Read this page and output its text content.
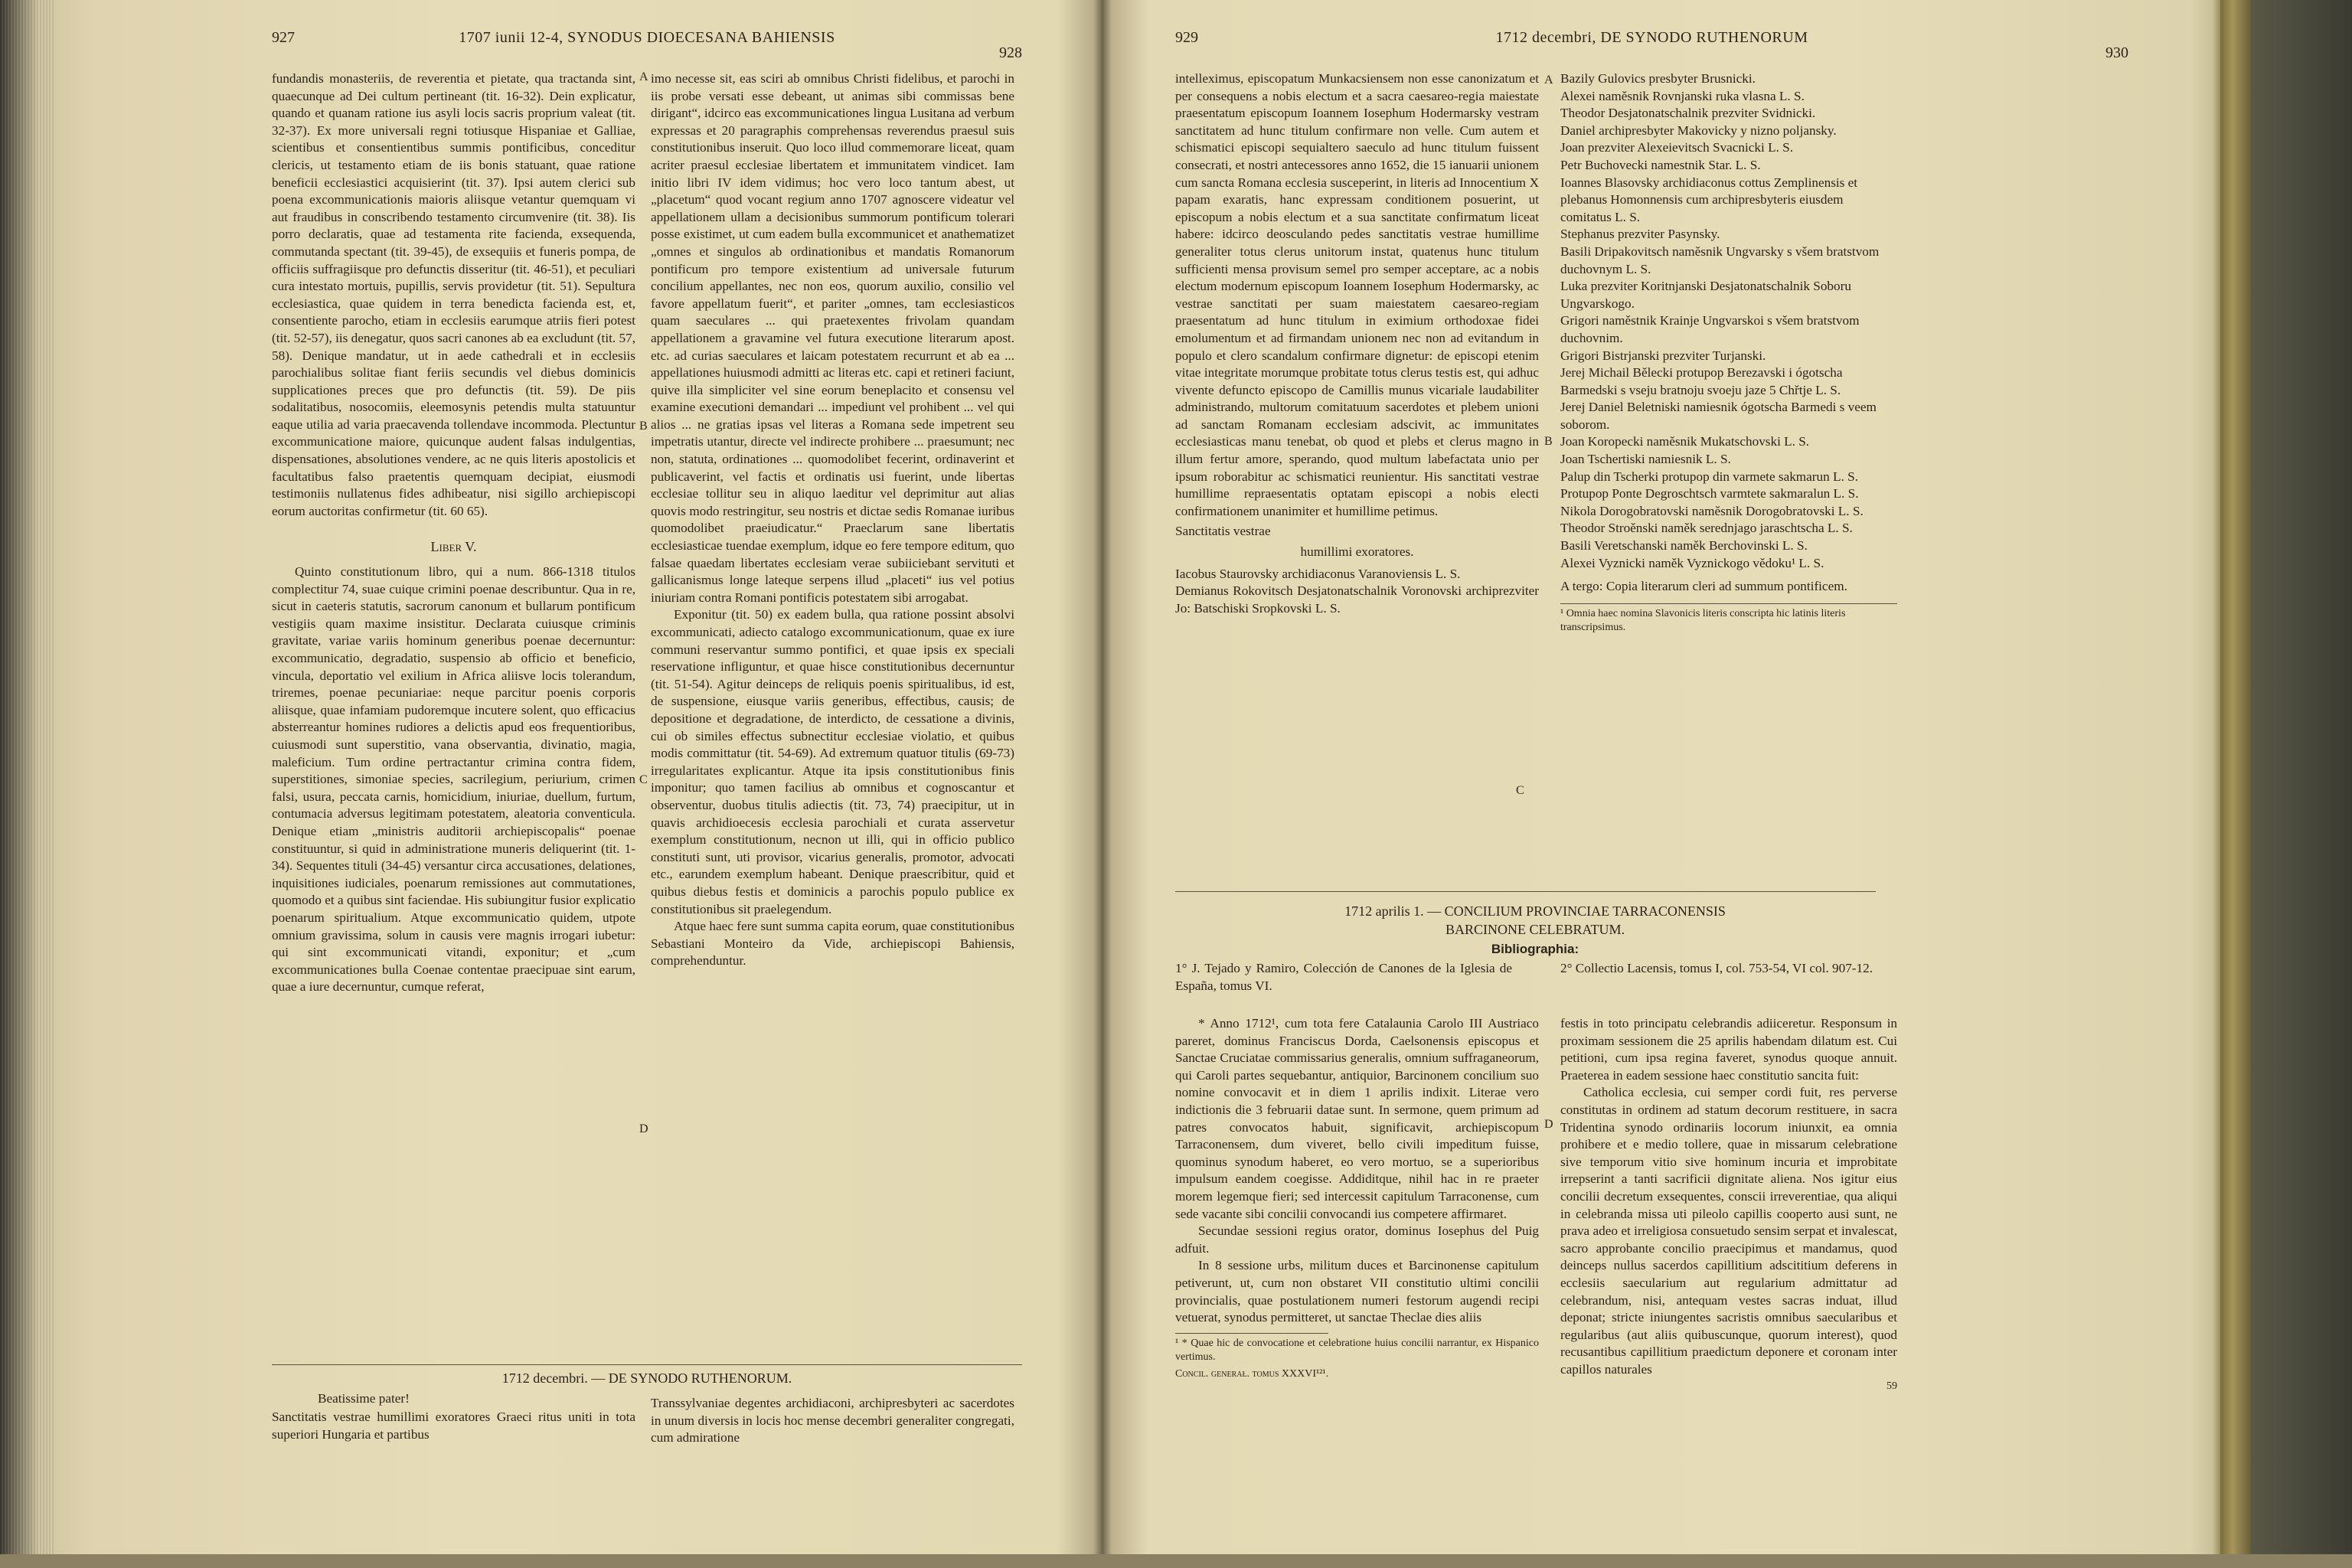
927	1707 iunii 12-4, SYNODUS DIOECESANA BAHIENSIS
928

fundandis monasteriis, de reverentia et pietate, qua tractanda sint, quaecunque ad Dei cultum pertineant (tit. 16-32). Dein explicatur, quando et quanam ratione ius asyli locis sacris proprium valeat (tit. 32-37). Ex more universali regni totiusque Hispaniae et Galliae, scientibus et consentientibus summis pontificibus, conceditur clericis, ut testamento etiam de iis bonis statuant, quae ratione beneficii ecclesiastici acquisierint (tit. 37). Ipsi autem clerici sub poena excommunicationis maioris aliisque vetantur quemquam vi aut fraudibus in conscribendo testamento circumvenire (tit. 38). Iis porro declaratis, quae ad testamenta rite facienda, exsequenda, commutanda spectant (tit. 39-45), de exsequiis et funeris pompa, de officiis suffragiisque pro defunctis disseritur (tit. 46-51), et peculiari cura intestato mortuis, pupillis, servis providetur (tit. 51). Sepultura ecclesiastica, quae quidem in terra benedicta facienda est, et, consentiente parocho, etiam in ecclesiis earumque atriis fieri potest (tit. 52-57), iis denegatur, quos sacri canones ab ea excludunt (tit. 57, 58). Denique mandatur, ut in aede cathedrali et in ecclesiis parochialibus solitae fiant feriis secundis vel diebus dominicis supplicationes preces que pro defunctis (tit. 59). De piis sodalitatibus, nosocomiis, eleemosynis petendis multa statuuntur eaque utilia ad varia praecavenda tollendave incommoda. Plectuntur excommunicatione maiore, quicunque audent falsas indulgentias, dispensationes, absolutiones vendere, ac ne quis literis apostolicis et facultatibus falso praetentis quemquam decipiat, eiusmodi testimoniis nullatenus fides adhibeatur, nisi sigillo archiepiscopi eorum auctoritas confirmetur (tit. 60 65).

Liber V.

Quinto constitutionum libro, qui a num. 866-1318 titulos complectitur 74, suae cuique crimini poenae describuntur. Qua in re, sicut in caeteris statutis, sacrorum canonum et bullarum pontificum vestigiis quam maxime insistitur. Declarata cuiusque criminis gravitate, variae variis hominum generibus poenae decernuntur: excommunicatio, degradatio, suspensio ab officio et beneficio, vincula, deportatio vel exilium in Africa aliisve locis tolerandum, triremes, poenae pecuniariae: neque parcitur poenis corporis aliisque, quae infamiam pudoremque incutere solent, quo efficacius absterreantur homines rudiores a delictis apud eos frequentioribus, cuiusmodi sunt superstitio, vana observantia, divinatio, magia, maleficium. Tum ordine pertractantur crimina contra fidem, superstitiones, simoniae species, sacrilegium, periurium, crimen falsi, usura, peccata carnis, homicidium, iniuriae, duellum, furtum, contumacia adversus legitimam potestatem, aleatoria conventicula. Denique etiam „ministris auditorii archiepiscopalis“ poenae constituuntur, si quid in administratione muneris deliquerint (tit. 1-34). Sequentes tituli (34-45) versantur circa accusationes, delationes, inquisitiones iudiciales, poenarum remissiones aut commutationes, quomodo et a quibus sint faciendae. His subiungitur fusior explicatio poenarum spiritualium. Atque excommunicatio quidem, utpote omnium gravissima, solum in causis vere magnis irrogari iubetur: qui sint excommunicati vitandi, exponitur; et „cum excommunicationes bulla Coenae contentae praecipuae sint earum, quae a iure decernuntur, cumque referat,

A
B
C
D

imo necesse sit, eas sciri ab omnibus Christi fidelibus, et parochi in iis probe versati esse debeant, ut animas sibi commissas bene dirigant“, idcirco eas excommunicationes lingua Lusitana ad verbum expressas et 20 paragraphis comprehensas reverendus praesul suis constitutionibus inseruit. Quo loco illud commemorare liceat, quam acriter praesul ecclesiae libertatem et immunitatem vindicet. Iam initio libri IV idem vidimus; hoc vero loco tantum abest, ut „placetum“ quod vocant regium anno 1707 agnoscere videatur vel appellationem ullam a decisionibus summorum pontificum tolerari posse existimet, ut cum eadem bulla excommunicet et anathematizet „omnes et singulos ab ordinationibus et mandatis Romanorum pontificum pro tempore existentium ad universale futurum concilium appellantes, nec non eos, quorum auxilio, consilio vel favore appellatum fuerit“, et pariter „omnes, tam ecclesiasticos quam saeculares ... qui praetexentes frivolam quandam appellationem a gravamine vel futura executione literarum apost. etc. ad curias saeculares et laicam potestatem recurrunt et ab ea ... appellationes huiusmodi admitti ac literas etc. capi et retineri faciunt, quive illa simpliciter vel sine eorum beneplacito et consensu vel examine executioni demandari ... impediunt vel prohibent ... vel qui alios ... ne gratias ipsas vel literas a Romana sede impetrent seu impetratis utantur, directe vel indirecte prohibere ... praesumunt; nec non, statuta, ordinationes ... quomodolibet fecerint, ordinaverint et publicaverint, vel factis et ordinatis usi fuerint, unde libertas ecclesiae tollitur seu in aliquo laeditur vel deprimitur aut alias quovis modo restringitur, seu nostris et dictae sedis Romanae iuribus quomodolibet praeiudicatur.“ Praeclarum sane libertatis ecclesiasticae tuendae exemplum, idque eo fere tempore editum, quo falsae quaedam libertates ecclesiam verae subiiciebant servituti et gallicanismus longe lateque serpens illud „placeti“ ius vel potius iniuriam contra Romani pontificis potestatem sibi arrogabat.

Exponitur (tit. 50) ex eadem bulla, qua ratione possint absolvi excommunicati, adiecto catalogo excommunicationum, quae ex iure communi reservantur summo pontifici, et quae ipsis ex speciali reservatione infliguntur, et quae hisce constitutionibus decernuntur (tit. 51-54). Agitur deinceps de reliquis poenis spiritualibus, id est, de suspensione, eiusque variis generibus, effectibus, causis; de depositione et degradatione, de interdicto, de cessatione a divinis, cui ob similes effectus subnectitur ecclesiae violatio, et quibus modis committatur (tit. 54-69). Ad extremum quatuor titulis (69-73) irregularitates explicantur. Atque ita ipsis constitutionibus finis imponitur; quo tamen facilius ab omnibus et cognoscantur et observentur, duobus titulis adiectis (tit. 73, 74) praecipitur, ut in quavis archidioecesis ecclesia parochiali et curata asservetur exemplum constitutionum, necnon ut illi, qui in officio publico constituti sunt, uti provisor, vicarius generalis, promotor, advocati etc., earundem exemplum habeant. Denique praescribitur, quid et quibus diebus festis et dominicis a parochis populo publice ex constitutionibus sit praelegendum.

Atque haec fere sunt summa capita eorum, quae constitutionibus Sebastiani Monteiro da Vide, archiepiscopi Bahiensis, comprehenduntur.

1712 decembri. — DE SYNODO RUTHENORUM.
Beatissime pater!
Sanctitatis vestrae humillimi exoratores Graeci ritus uniti in tota superiori Hungaria et partibus
Transsylvaniae degentes archidiaconi, archipresbyteri ac sacerdotes in unum diversis in locis hoc mense decembri generaliter congregati, cum admiratione
929	1712 decembri, DE SYNODO RUTHENORUM
930

intelleximus, episcopatum Munkacsiensem non esse canonizatum et per consequens a nobis electum et a sacra caesareo-regia maiestate praesentatum episcopum Ioannem Iosephum Hodermarsky vestram sanctitatem ad hunc titulum confirmare non velle. Cum autem et schismatici episcopi sequialtero saeculo ad hunc titulum fuissent consecrati, et nostri antecessores anno 1652, die 15 ianuarii unionem cum sancta Romana ecclesia susceperint, in literis ad Innocentium X papam exaratis, hanc expressam conditionem posuerint, ut episcopum a nobis electum et a sua sanctitate confirmatum liceat habere: idcirco deosculando pedes sanctitatis vestrae humillime generaliter totus clerus unitorum instat, quatenus hunc titulum sufficienti mensa provisum semel pro semper acceptare, ac a nobis electum modernum episcopum Ioannem Iosephum Hodermarsky, ac vestrae sanctitati per suam maiestatem caesareo-regiam praesentatum ad hunc titulum in eximium orthodoxae fidei emolumentum et ad firmandam unionem nec non ad evitandum in populo et clero scandalum confirmare dignetur: de episcopi etenim vitae integritate morumque probitate totus clerus testis est, qui adhuc vivente defuncto episcopo de Camillis munus vicariale laudabiliter administrando, multorum comitatuum sacerdotes et plebem unioni ad sanctam Romanam ecclesiam adscivit, ac immunitates ecclesiasticas manu tenebat, ob quod et plebs et clerus magno in illum fertur amore, sperando, quod multum labefactata unio per ipsum roborabitur ac schismatici reunientur. His sanctitati vestrae humillime repraesentatis optatam episcopi a nobis electi confirmationem unanimiter et humillime petimus.

Sanctitatis vestrae
humillimi exoratores.
Iacobus Staurovsky archidiaconus Varanoviensis L. S.
Demianus Rokovitsch Desjatonatschalnik Voronovski archiprezviter Jo: Batschiski Sropkovski L. S.
A
B
C
D
Bazily Gulovics presbyter Brusnicki.
Alexei naměsnik Rovnjanski ruka vlasna L. S.
Theodor Desjatonatschalnik prezviter Svidnicki.
Daniel archipresbyter Makovicky y nizno poljansky.
Joan prezviter Alexeievitsch Svacnicki L. S.
Petr Buchovecki namestnik Star. L. S.
Ioannes Blasovsky archidiaconus cottus Zemplinensis et plebanus Homonnensis cum archipresbyteris eiusdem comitatus L. S.
Stephanus prezviter Pasynsky.
Basili Dripakovitsch naměsnik Ungvarsky s všem bratstvom duchovnym L. S.
Luka prezviter Koritnjanski Desjatonatschalnik Soboru Ungvarskogo.
Grigori naměstnik Krainje Ungvarskoi s všem bratstvom duchovnim.
Grigori Bistrjanski prezviter Turjanski.
Jerej Michail Bělecki protupop Berezavski i ógotscha Barmedski s vseju bratnoju svoeju jaze 5 Chřtje L. S.
Jerej Daniel Beletniski namiesnik ógotscha Barmedi s veem soborom.
Joan Koropecki naměsnik Mukatschovski L. S.
Joan Tschertiski namiesnik L. S.
Palup din Tscherki protupop din varmete sakmarun L. S.
Protupop Ponte Degroschtsch varmtete sakmaralun L. S.
Nikola Dorogobratovski naměsnik Dorogobratovski L. S.
Theodor Stroěnski naměk serednjago jaraschtscha L. S.
Basili Veretschanski naměk Berchovinski L. S.
Alexei Vyznicki naměk Vyznickogo vědoku¹ L. S.
A tergo: Copia literarum cleri ad summum pontificem.
¹ Omnia haec nomina Slavonicis literis conscripta hic latinis literis transcripsimus.
1712 aprilis 1. — CONCILIUM PROVINCIAE TARRACONENSIS
BARCINONE CELEBRATUM.
Bibliographia:
1° J. Tejado y Ramiro, Colección de Canones de la Iglesia de España, tomus VI.
2° Collectio Lacensis, tomus I, col. 753-54, VI col. 907-12.

* Anno 1712¹, cum tota fere Catalaunia Carolo III Austriaco pareret, dominus Franciscus Dorda, Caelsonensis episcopus et Sanctae Cruciatae commissarius generalis, omnium suffraganeorum, qui Caroli partes sequebantur, antiquior, Barcinonem concilium suo nomine convocavit et in diem 1 aprilis indixit. Literae vero indictionis die 3 februarii datae sunt. In sermone, quem primum ad patres convocatos habuit, significavit, archiepiscopum Tarraconensem, dum viveret, bello civili impeditum fuisse, quominus synodum haberet, eo vero mortuo, se a superioribus impulsum eandem coegisse. Addiditque, nihil hac in re praeter morem legemque fieri; sed intercessit capitulum Tarraconense, cum sede vacante sibi concilii convocandi ius competere affirmaret.

Secundae sessioni regius orator, dominus Iosephus del Puig adfuit.

In 8 sessione urbs, militum duces et Barcinonense capitulum petiverunt, ut, cum non obstaret VII constitutio ultimi concilii provincialis, quae postulationem numeri festorum augendi recipi vetuerat, synodus permitteret, ut sanctae Theclae dies aliis

¹ * Quae hic de convocatione et celebratione huius concilii narrantur, ex Hispanico vertimus.
Concil. generał. tomus XXXVI¹²¹.

festis in toto principatu celebrandis adiiceretur. Responsum in proximam sessionem die 25 aprilis habendam dilatum est. Cui petitioni, cum ipsa regina faveret, synodus quoque annuit. Praeterea in eadem sessione haec constitutio sancita fuit:

Catholica ecclesia, cui semper cordi fuit, res perverse constitutas in ordinem ad statum decorum restituere, in sacra Tridentina synodo ordinariis locorum iniunxit, ea omnia prohibere et e medio tollere, quae in missarum celebratione sive temporum vitio sive hominum incuria et improbitate irrepserint a tanti sacrificii dignitate aliena. Nos igitur eius concilii decretum exsequentes, conscii irreverentiae, qua aliqui in celebranda missa uti pileolo capillis cooperto ausi sunt, ne prava adeo et irreligiosa consuetudo sensim serpat et invalescat, sacro approbante concilio praecipimus et mandamus, quod deinceps nullus sacerdos capillitium adscititium deferens in ecclesiis saecularium aut regularium admittatur ad celebrandum, nisi, antequam vestes sacras induat, illud deponat; stricte iniungentes sacristis omnibus saecularibus et regularibus (aut aliis quibuscunque, quorum interest), quod recusantibus capillitium praedictum deponere et coronam inter capillos naturales

59
